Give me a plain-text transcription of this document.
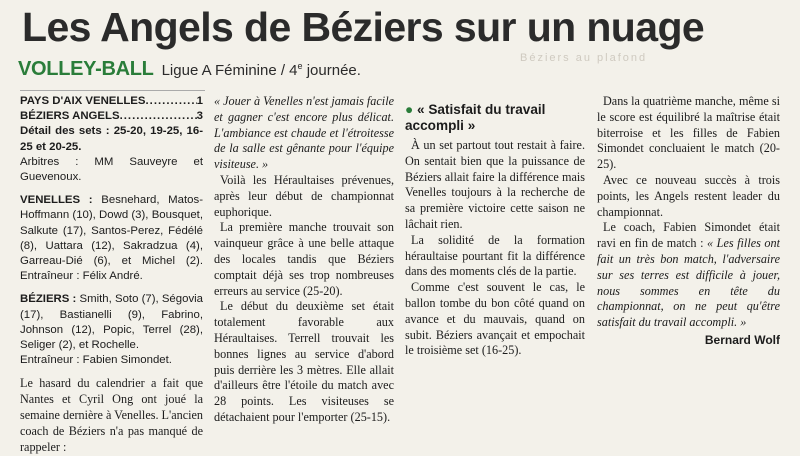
Les Angels de Béziers sur un nuage
Béziers au plafond
VOLLEY-BALL Ligue A Féminine / 4e journée.
PAYS D'AIX VENELLES .....	1
BÉZIERS ANGELS .....	3

Détail des sets : 25-20, 19-25, 16-25 et 20-25.

Arbitres : MM Sauveyre et Guevenoux.

VENELLES : Besnehard, Matos-Hoffmann (10), Dowd (3), Bousquet, Salkute (17), Santos-Perez, Fédélé (8), Uattara (12), Sakradzua (4), Garreau-Dié (6), et Michel (2). Entraîneur : Félix André.

BÉZIERS : Smith, Soto (7), Ségovia (17), Bastianelli (9), Fabrino, Johnson (12), Popic, Terrel (28), Seliger (2), et Rochelle.

Entraîneur : Fabien Simondet.

Le hasard du calendrier a fait que Nantes et Cyril Ong ont joué la semaine dernière à Venelles. L'ancien coach de Béziers n'a pas manqué de rappeler :

« Jouer à Venelles n'est jamais facile et gagner c'est encore plus délicat. L'ambiance est chaude et l'étroitesse de la salle est gênante pour l'équipe visiteuse. »

Voilà les Héraultaises prévenues, après leur début de championnat euphorique.

La première manche trouvait son vainqueur grâce à une belle attaque des locales tandis que Béziers comptait déjà ses trop nombreuses erreurs au service (25-20).

Le début du deuxième set était totalement favorable aux Héraultaises. Terrell trouvait les bonnes lignes au service d'abord puis derrière les 3 mètres. Elle allait d'ailleurs être l'étoile du match avec 28 points. Les visiteuses se détachaient pour l'emporter (25-15).

● « Satisfait du travail accompli »

À un set partout tout restait à faire. On sentait bien que la puissance de Béziers allait faire la différence mais Venelles toujours à la recherche de sa première victoire cette saison ne lâchait rien.

La solidité de la formation héraultaise pourtant fit la différence dans des moments clés de la partie.

Comme c'est souvent le cas, le ballon tombe du bon côté quand on avance et du mauvais, quand on subit. Béziers avançait et empochait le troisième set (16-25).

Dans la quatrième manche, même si le score est équilibré la maîtrise était biterroise et les filles de Fabien Simondet concluaient le match (20-25).

Avec ce nouveau succès à trois points, les Angels restent leader du championnat.

Le coach, Fabien Simondet était ravi en fin de match : « Les filles ont fait un très bon match, l'adversaire sur ses terres est difficile à jouer, nous sommes en tête du championnat, on ne peut qu'être satisfait du travail accompli. »

Bernard Wolf
